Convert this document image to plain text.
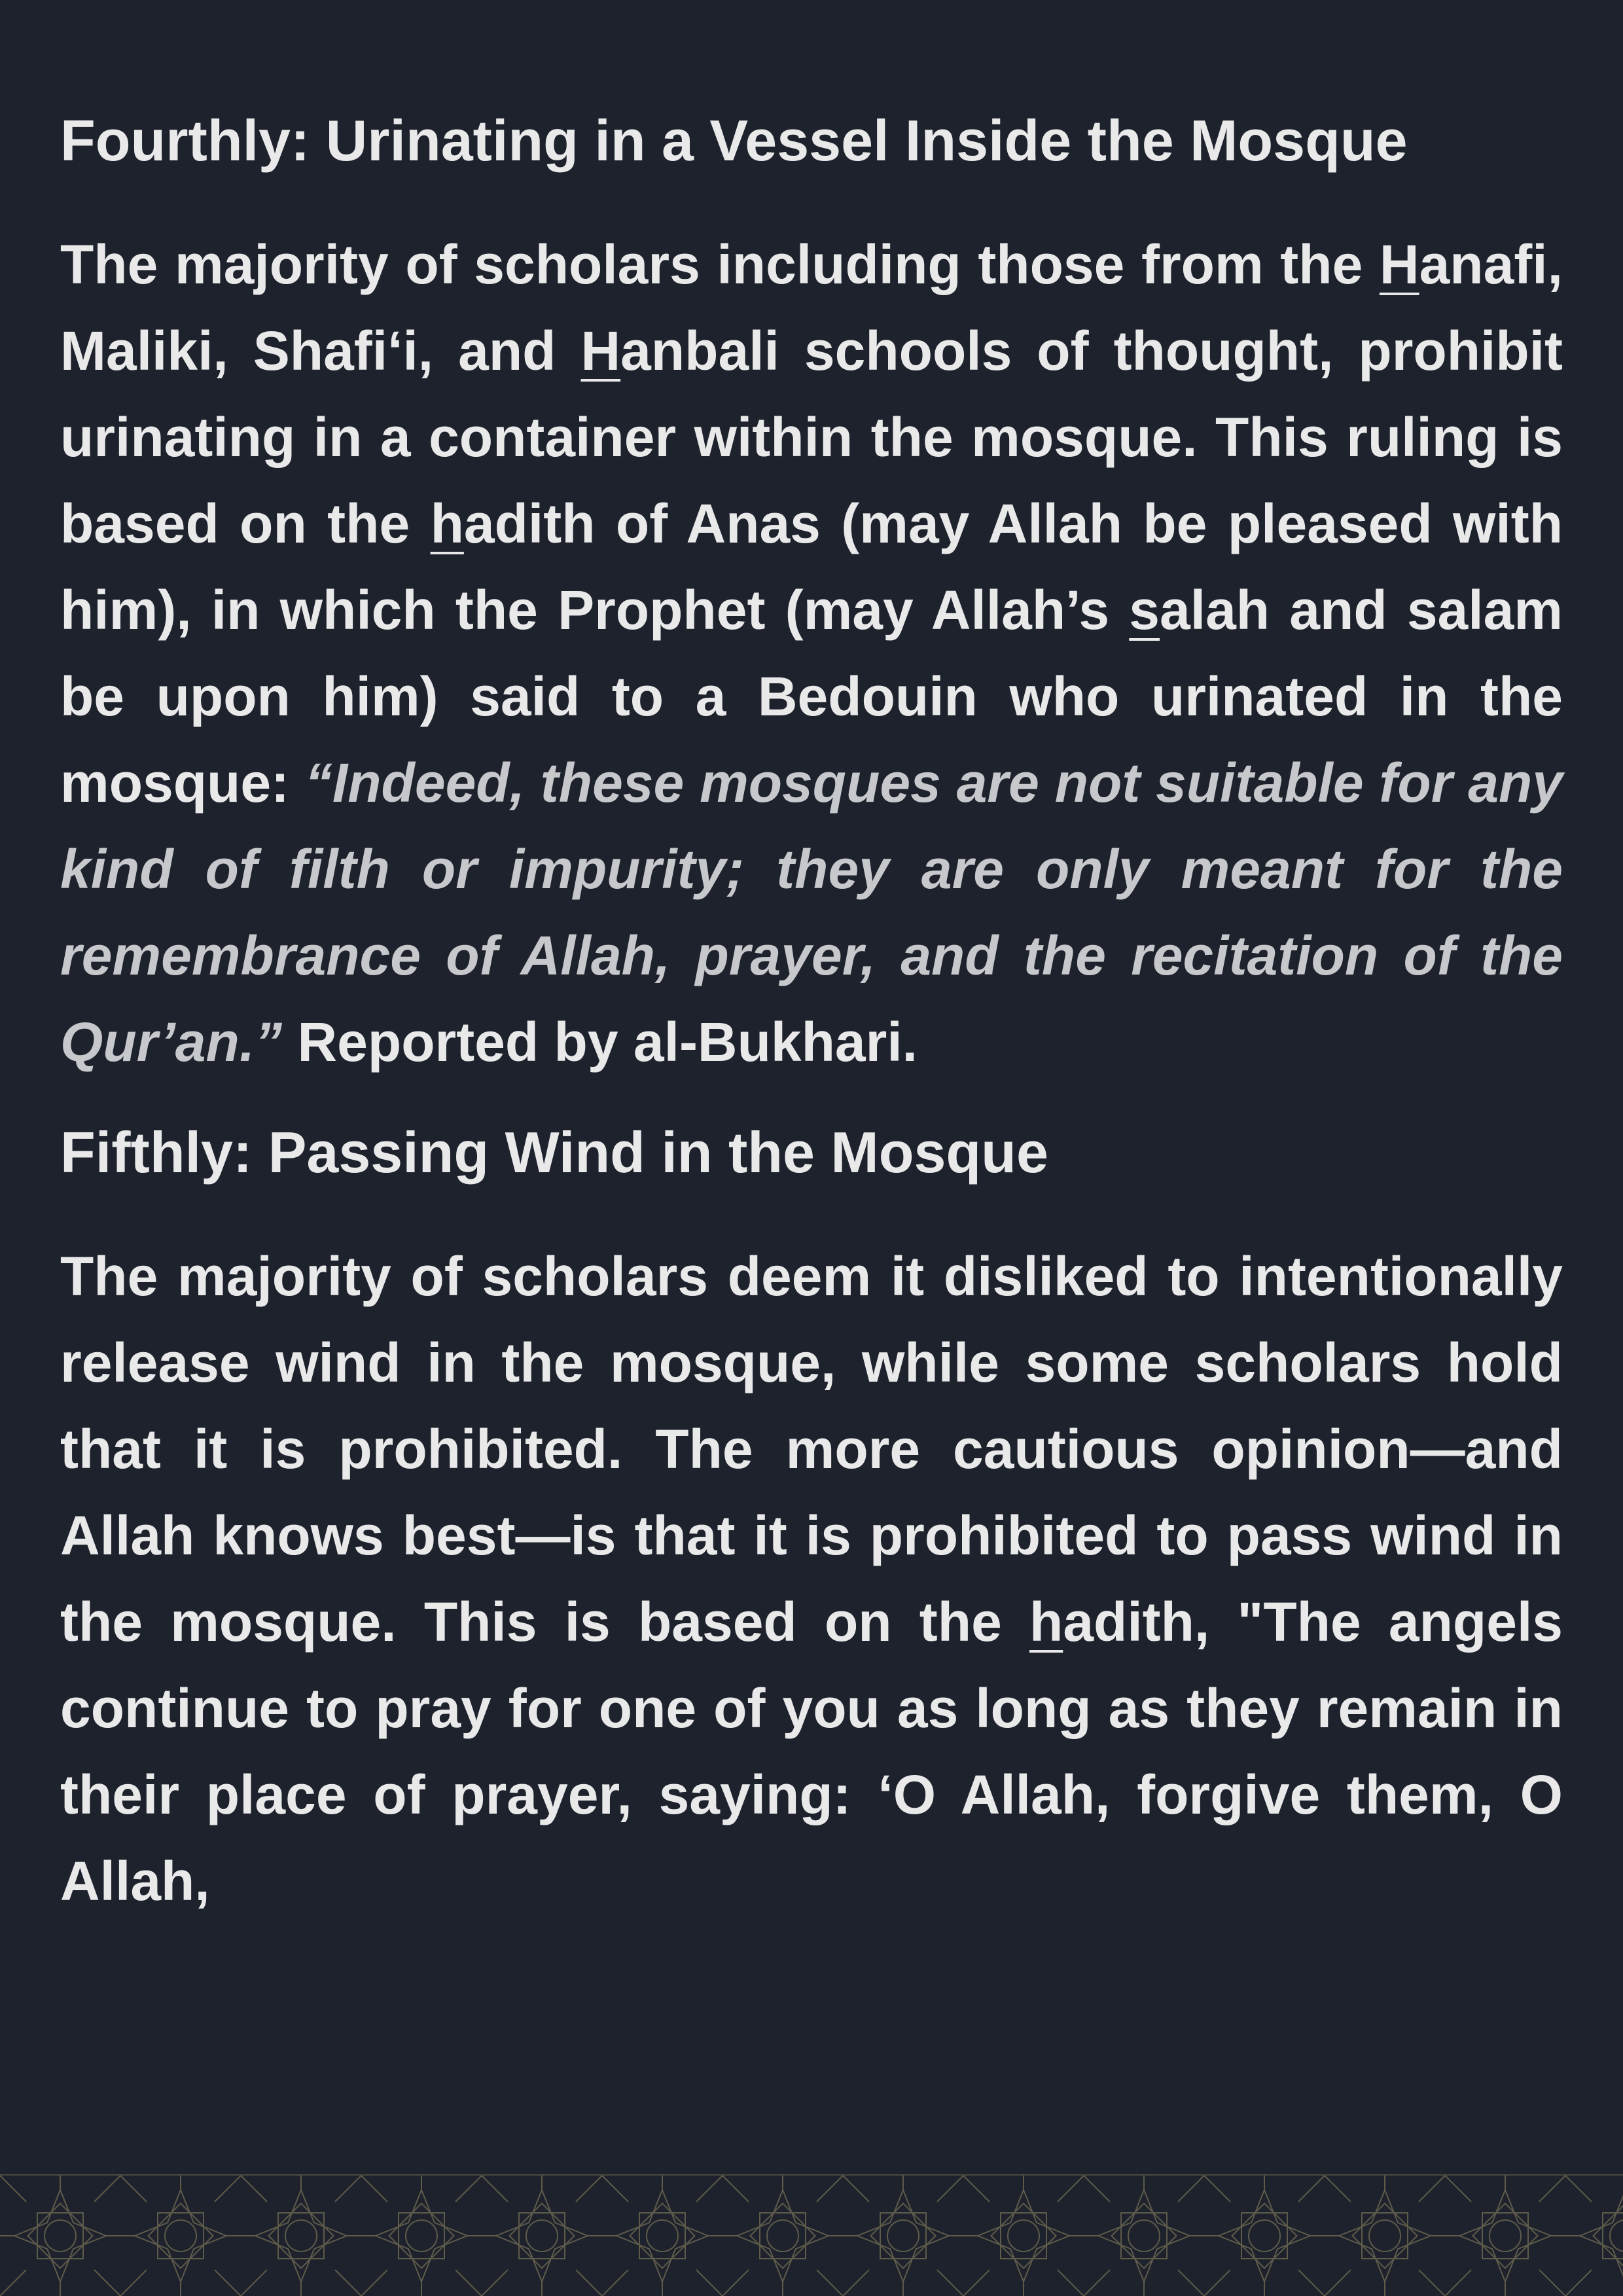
Fourthly: Urinating in a Vessel Inside the Mosque

The majority of scholars including those from the Hanafi, Maliki, Shafi‘i, and Hanbali schools of thought, prohibit urinating in a container within the mosque. This ruling is based on the hadith of Anas (may Allah be pleased with him), in which the Prophet (may Allah’s salah and salam be upon him) said to a Bedouin who urinated in the mosque: “Indeed, these mosques are not suitable for any kind of filth or impurity; they are only meant for the remembrance of Allah, prayer, and the recitation of the Qur’an.” Reported by al-Bukhari.

Fifthly: Passing Wind in the Mosque

The majority of scholars deem it disliked to intentionally release wind in the mosque, while some scholars hold that it is prohibited. The more cautious opinion—and Allah knows best—is that it is prohibited to pass wind in the mosque. This is based on the hadith, "The angels continue to pray for one of you as long as they remain in their place of prayer, saying: ‘O Allah, forgive them, O Allah,
